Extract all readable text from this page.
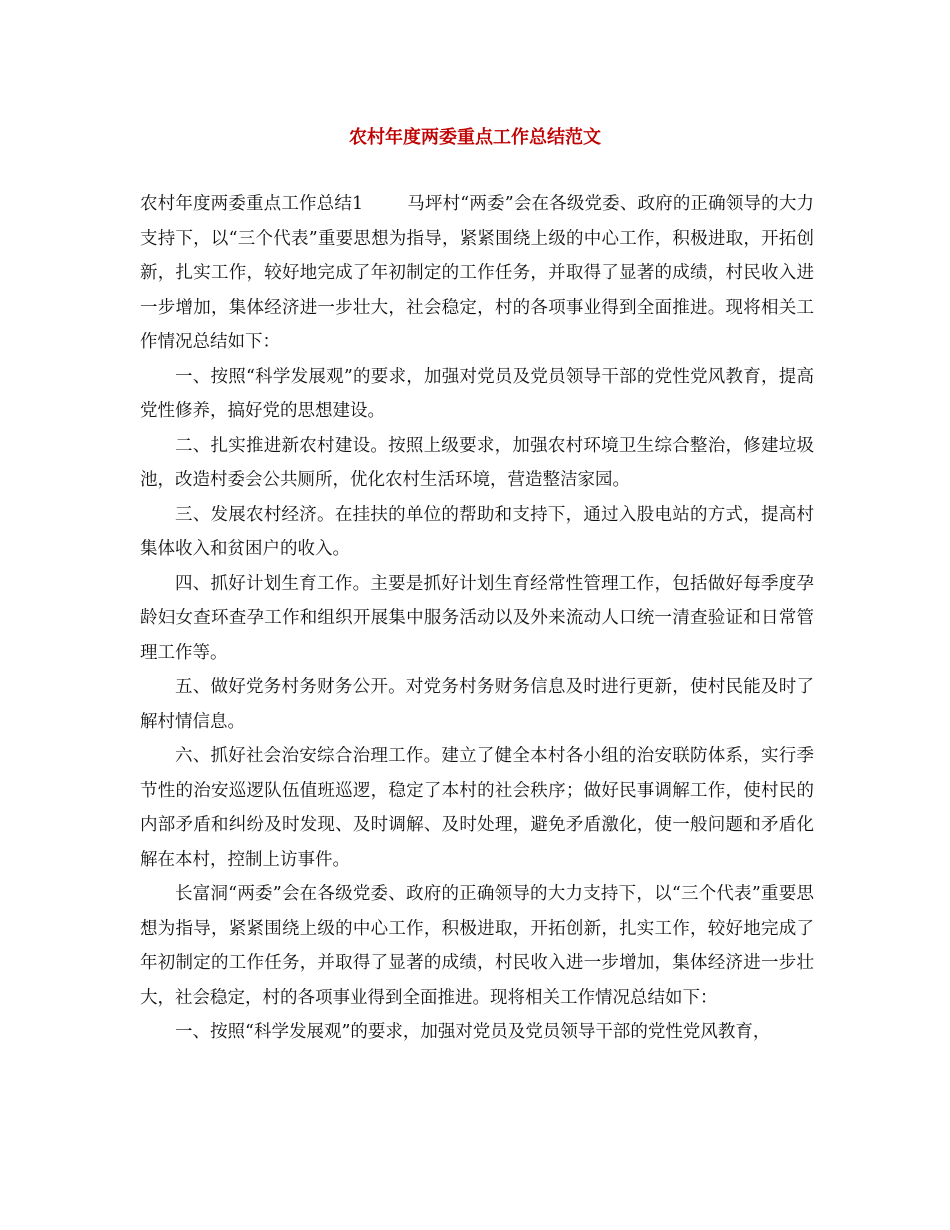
农村年度两委重点工作总结范文

农村年度两委重点工作总结1	马坪村“两委”会在各级党委、政府的正确领导的大力支持下，以“三个代表”重要思想为指导，紧紧围绕上级的中心工作，积极进取，开拓创新，扎实工作，较好地完成了年初制定的工作任务，并取得了显著的成绩，村民收入进一步增加，集体经济进一步壮大，社会稳定，村的各项事业得到全面推进。现将相关工作情况总结如下：

一、按照“科学发展观”的要求，加强对党员及党员领导干部的党性党风教育，提高党性修养，搞好党的思想建设。

二、扎实推进新农村建设。按照上级要求，加强农村环境卫生综合整治，修建垃圾池，改造村委会公共厕所，优化农村生活环境，营造整洁家园。

三、发展农村经济。在挂扶的单位的帮助和支持下，通过入股电站的方式，提高村集体收入和贫困户的收入。

四、抓好计划生育工作。主要是抓好计划生育经常性管理工作，包括做好每季度孕龄妇女查环查孕工作和组织开展集中服务活动以及外来流动人口统一清查验证和日常管理工作等。

五、做好党务村务财务公开。对党务村务财务信息及时进行更新，使村民能及时了解村情信息。

六、抓好社会治安综合治理工作。建立了健全本村各小组的治安联防体系，实行季节性的治安巡逻队伍值班巡逻，稳定了本村的社会秩序；做好民事调解工作，使村民的内部矛盾和纠纷及时发现、及时调解、及时处理，避免矛盾激化，使一般问题和矛盾化解在本村，控制上访事件。

长富洞“两委”会在各级党委、政府的正确领导的大力支持下，以“三个代表”重要思想为指导，紧紧围绕上级的中心工作，积极进取，开拓创新，扎实工作，较好地完成了年初制定的工作任务，并取得了显著的成绩，村民收入进一步增加，集体经济进一步壮大，社会稳定，村的各项事业得到全面推进。现将相关工作情况总结如下：

一、按照“科学发展观”的要求，加强对党员及党员领导干部的党性党风教育，
